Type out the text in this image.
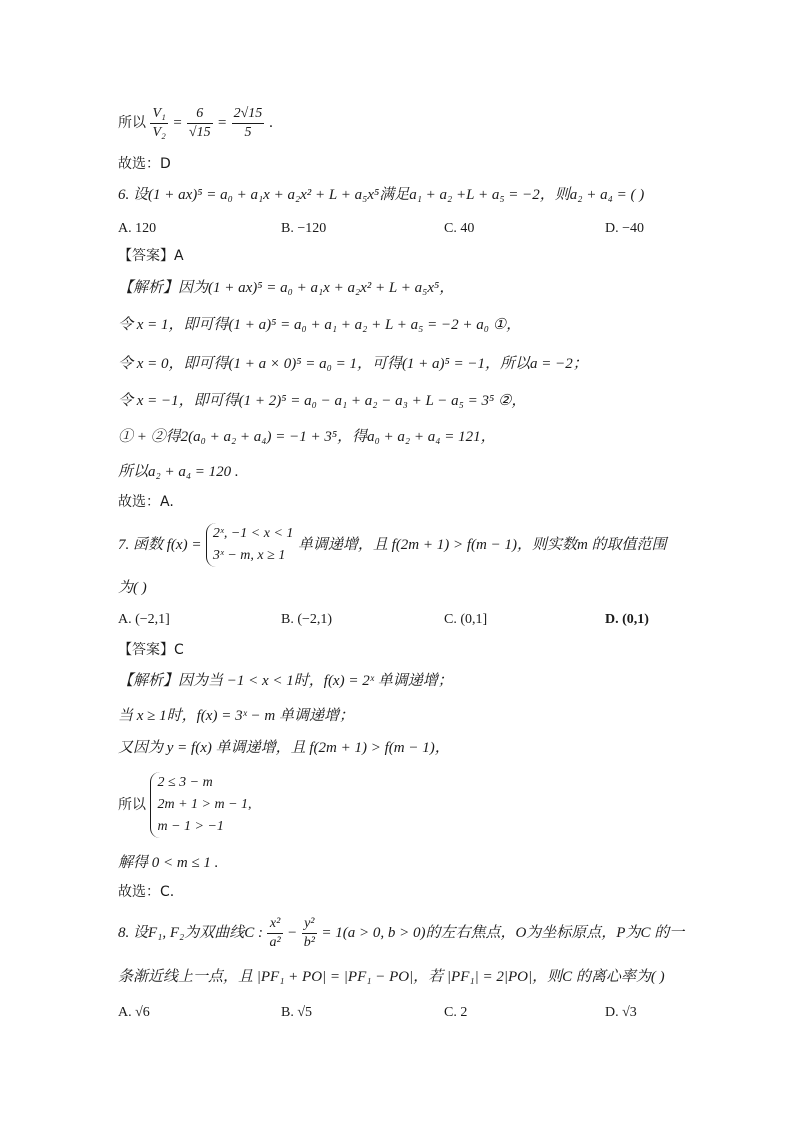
所以 $\frac{\text{V₁}}{\text{V₂}} = \frac{6}{√15} = \frac{2√15}{5}$ .
故选：D
6. 设(1 + ax)⁵ = a₀ + a₁x + a₂x² + L + a₅x⁵满足a₁ + a₂ +L + a₅ = −2，则a₂ + a₄ = ( )
A. 120	B. −120	C. 40	D. −40
【答案】A
【解析】因为(1 + ax)⁵ = a₀ + a₁x + a₂x² + L + a₅x⁵，
令 x = 1，即可得(1 + a)⁵ = a₀ + a₁ + a₂ + L + a₅ = −2 + a₀ ①，
令 x = 0，即可得(1 + a × 0)⁵ = a₀ = 1，可得(1 + a)⁵ = −1，所以a = −2；
令 x = −1，即可得(1 + 2)⁵ = a₀ − a₁ + a₂ − a₃ + L − a₅ = 3⁵ ②，
① + ②得2(a₀ + a₂ + a₄) = −1 + 3⁵，得a₀ + a₂ + a₄ = 121，
所以a₂ + a₄ = 120 .
故选：A.
7. 函数 f(x) =
2ˣ, −1 < x < 1
3ˣ − m, x ≥ 1
单调递增，且 f(2m + 1) > f(m − 1)，则实数m 的取值范围
为( )
A. (−2,1]	B. (−2,1)	C. (0,1]	D. (0,1)
【答案】C
【解析】因为当 −1 < x < 1时，f(x) = 2ˣ 单调递增；
当 x ≥ 1时，f(x) = 3ˣ − m 单调递增；
又因为 y = f(x) 单调递增，且 f(2m + 1) > f(m − 1)，
所以
2 ≤ 3 − m
2m + 1 > m − 1,
m − 1 > −1
解得 0 < m ≤ 1 .
故选：C.
8. 设F₁, F₂为双曲线C : $\frac{\text{x²}}{\text{a²}} - \frac{\text{y²}}{\text{b²}} = 1(a > 0$, b > 0)的左右焦点，O为坐标原点，P为C 的一
条渐近线上一点，且 |PF₁ + PO| = |PF₁ − PO|，若 |PF₁| = 2|PO|，则C 的离心率为( )
A. √6	B. √5	C. 2	D. √3
